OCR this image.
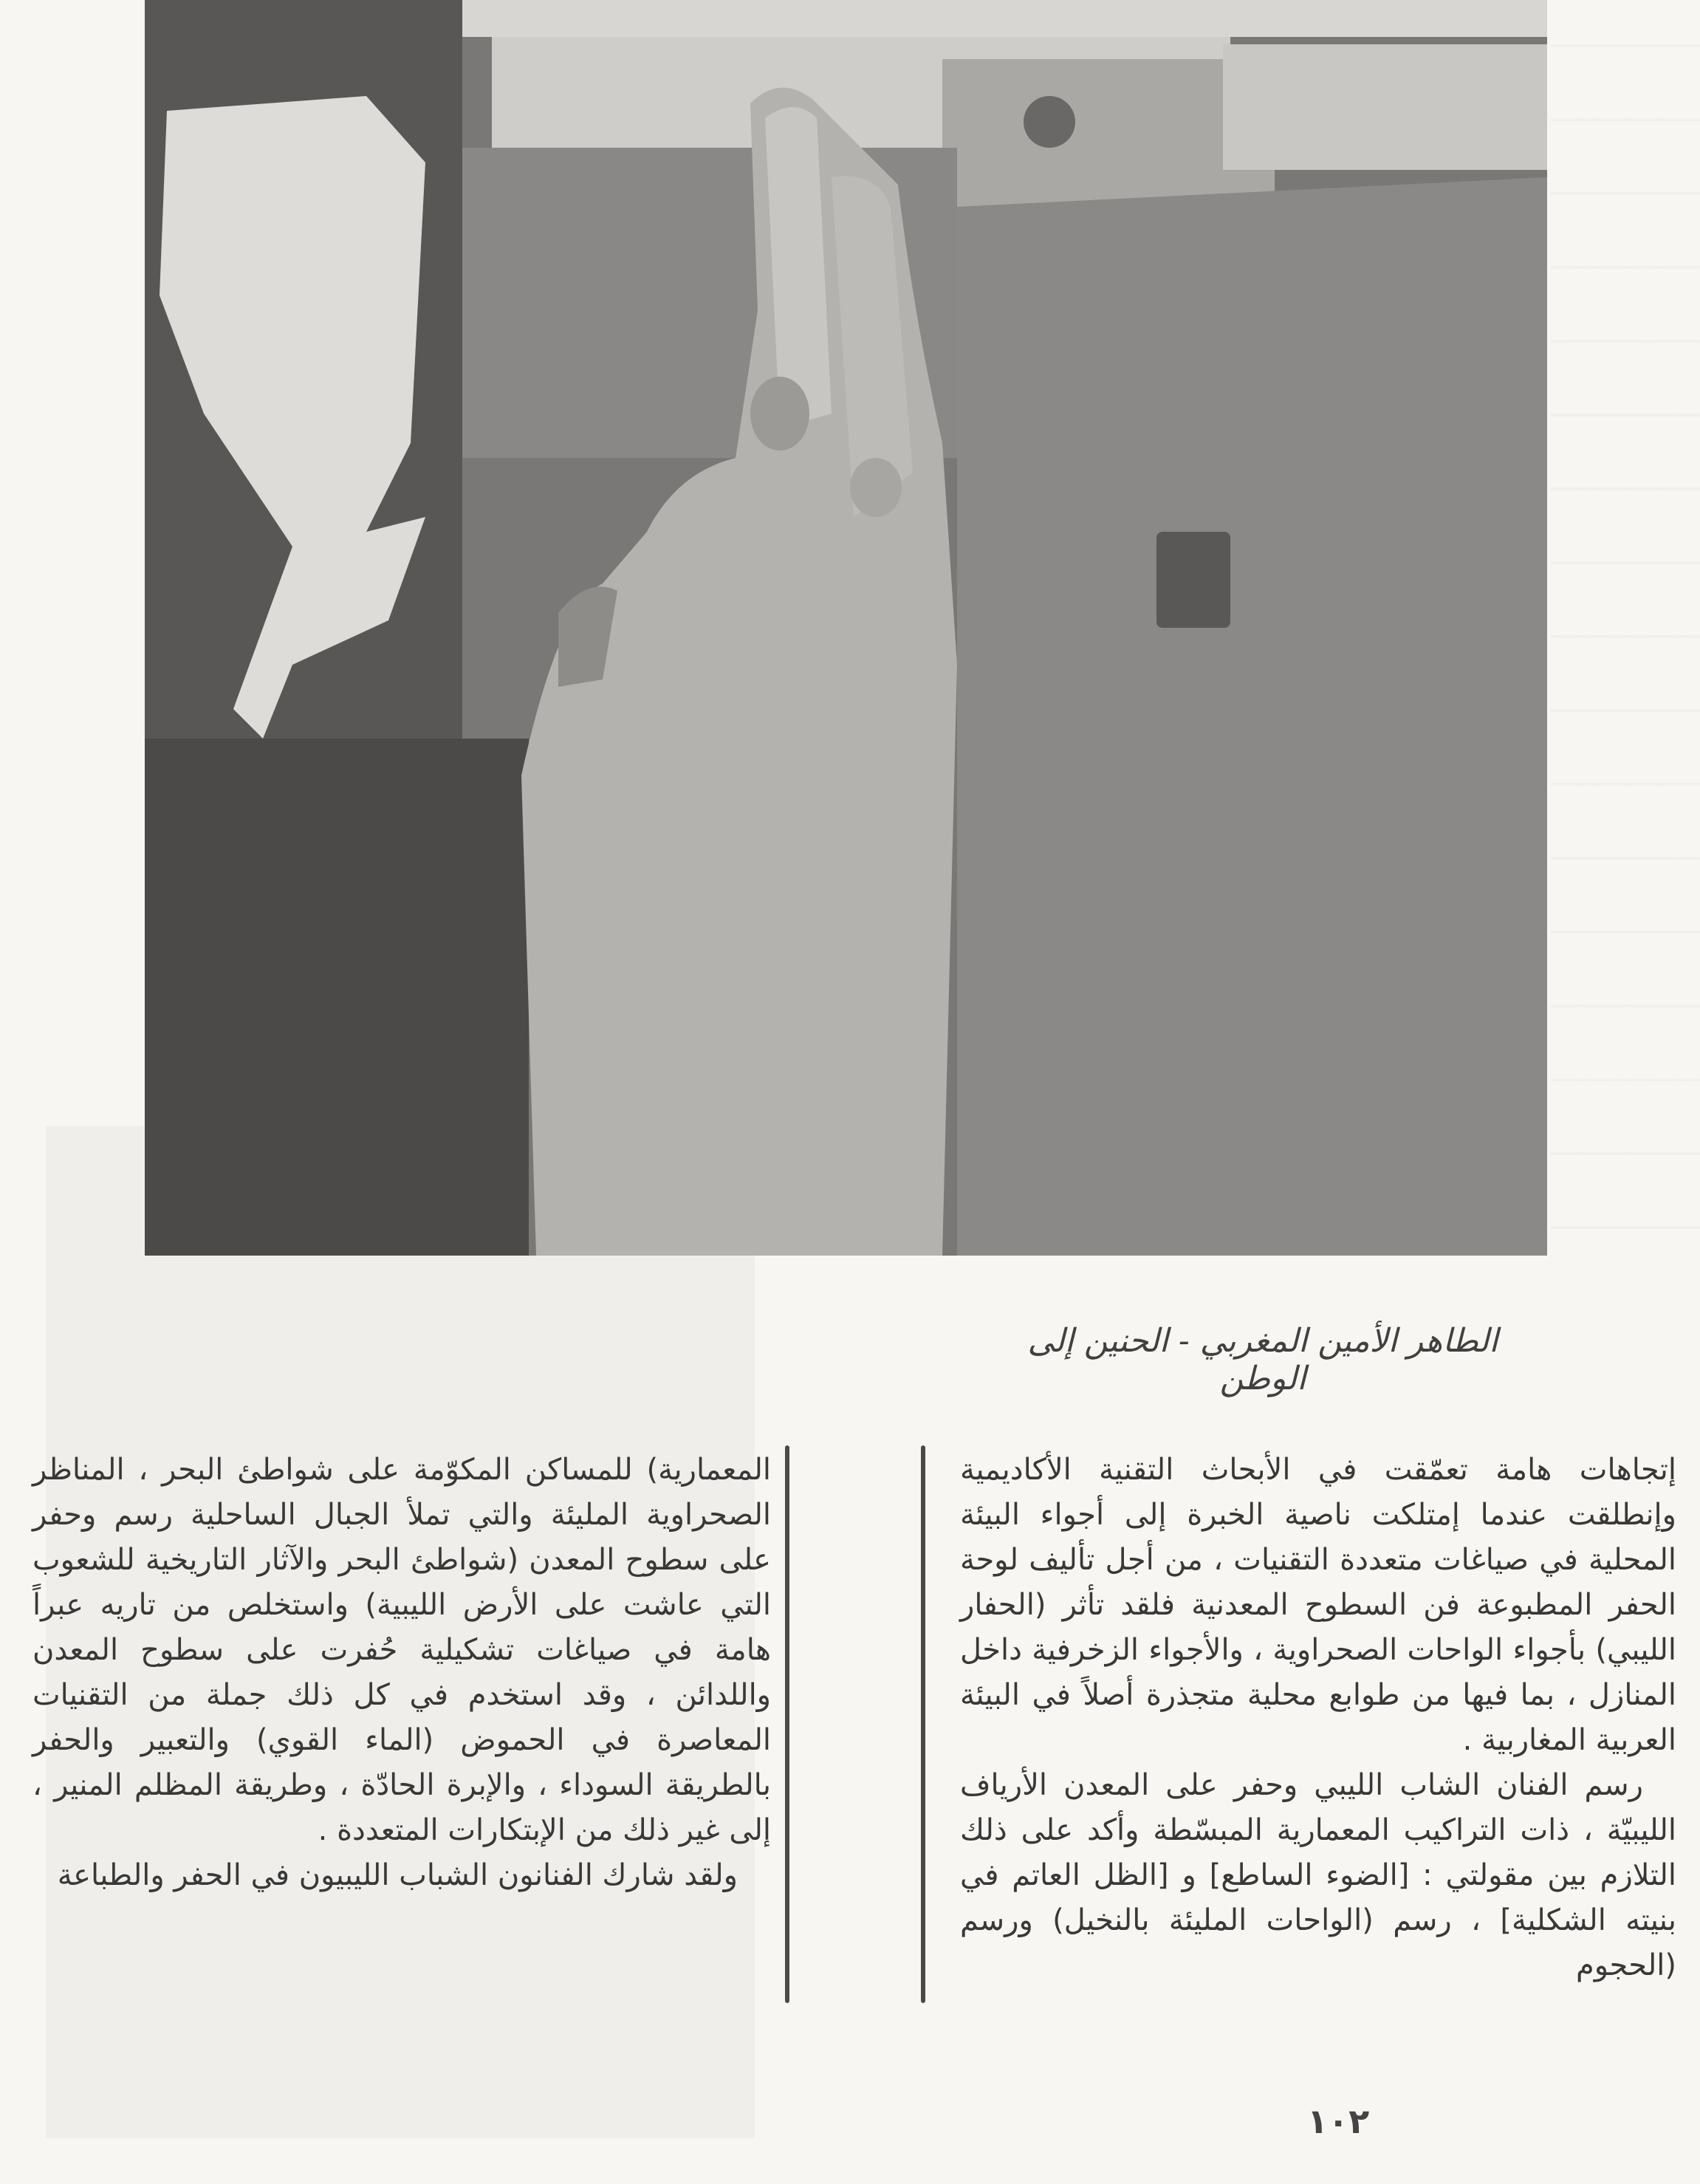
الطاهر الأمين المغربي - الحنين إلى الوطن

إتجاهات هامة تعمّقت في الأبحاث التقنية الأكاديمية وإنطلقت عندما إمتلكت ناصية الخبرة إلى أجواء البيئة المحلية في صياغات متعددة التقنيات ، من أجل تأليف لوحة الحفر المطبوعة فن السطوح المعدنية فلقد تأثر (الحفار الليبي) بأجواء الواحات الصحراوية ، والأجواء الزخرفية داخل المنازل ، بما فيها من طوابع محلية متجذرة أصلاً في البيئة العربية المغاربية .

رسم الفنان الشاب الليبي وحفر على المعدن الأرياف الليبيّة ، ذات التراكيب المعمارية المبسّطة وأكد على ذلك التلازم بين مقولتي : [الضوء الساطع] و [الظل العاتم في بنيته الشكلية] ، رسم (الواحات المليئة بالنخيل) ورسم (الحجوم

المعمارية) للمساكن المكوّمة على شواطئ البحر ، المناظر الصحراوية المليئة والتي تملأ الجبال الساحلية رسم وحفر على سطوح المعدن (شواطئ البحر والآثار التاريخية للشعوب التي عاشت على الأرض الليبية) واستخلص من تاريه عبراً هامة في صياغات تشكيلية حُفرت على سطوح المعدن واللدائن ، وقد استخدم في كل ذلك جملة من التقنيات المعاصرة في الحموض (الماء القوي) والتعبير والحفر بالطريقة السوداء ، والإبرة الحادّة ، وطريقة المظلم المنير ، إلى غير ذلك من الإبتكارات المتعددة .

ولقد شارك الفنانون الشباب الليبيون في الحفر والطباعة

١٠٢
